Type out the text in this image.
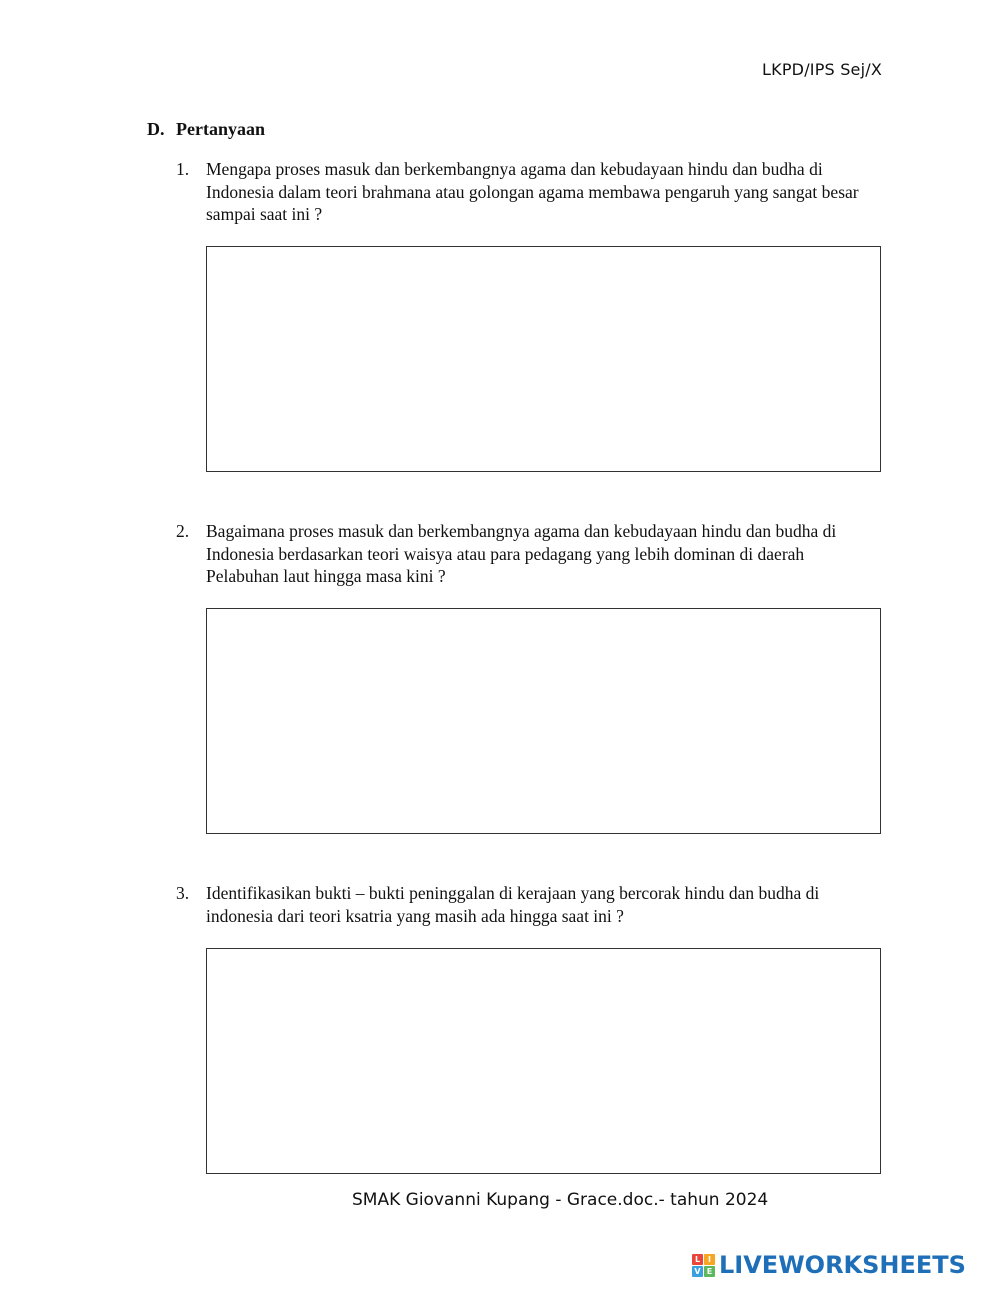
LKPD/IPS Sej/X
D. Pertanyaan
1. Mengapa proses masuk dan berkembangnya agama dan kebudayaan hindu dan budha di Indonesia dalam teori brahmana atau golongan agama membawa pengaruh yang sangat besar sampai saat ini ?
2. Bagaimana proses masuk dan berkembangnya agama dan kebudayaan hindu dan budha di Indonesia berdasarkan teori waisya atau para pedagang yang lebih dominan di daerah Pelabuhan laut hingga masa kini ?
3. Identifikasikan bukti – bukti peninggalan di kerajaan yang bercorak hindu dan budha di indonesia dari teori ksatria yang masih ada hingga saat ini ?
SMAK Giovanni Kupang - Grace.doc.- tahun 2024
L I
V E LIVEWORKSHEETS
